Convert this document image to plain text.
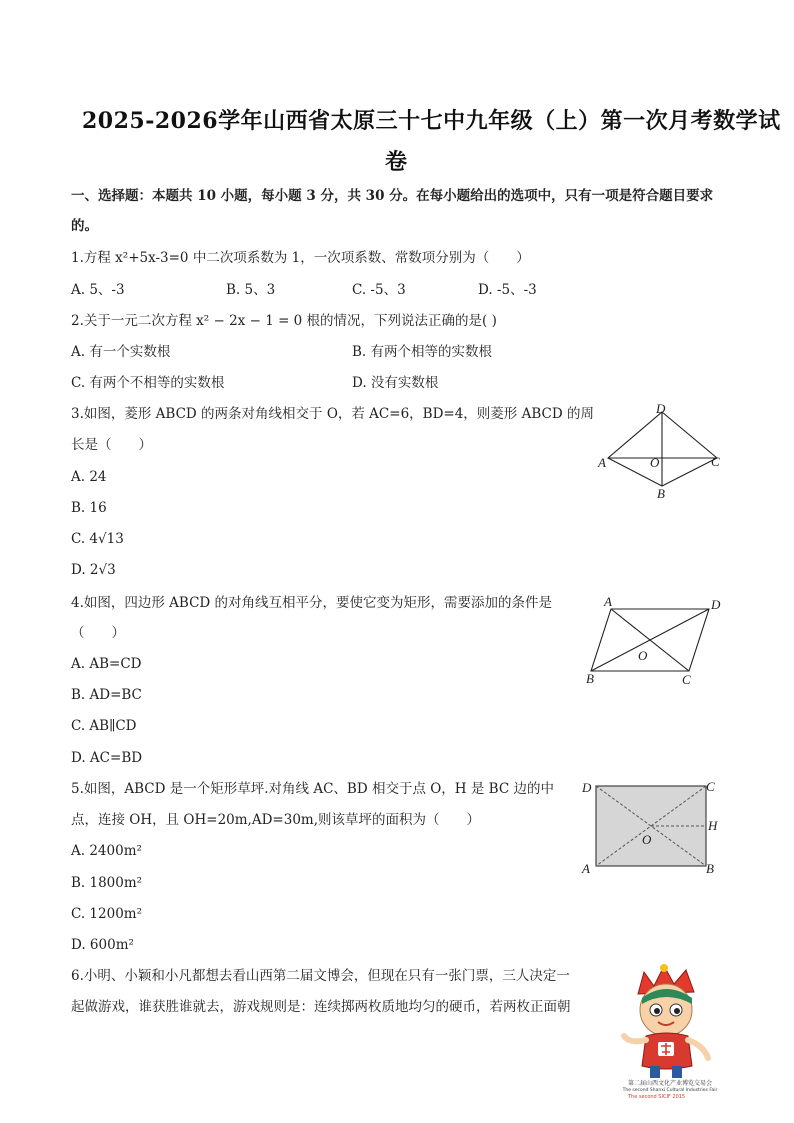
2025-2026学年山西省太原三十七中九年级（上）第一次月考数学试
卷
一、选择题：本题共 10 小题，每小题 3 分，共 30 分。在每小题给出的选项中，只有一项是符合题目要求
的。
1.方程 x²+5x-3=0 中二次项系数为 1，一次项系数、常数项分别为（　　）
A. 5、-3	B. 5、3	C. -5、3	D. -5、-3
2.关于一元二次方程 x² − 2x − 1 = 0 根的情况，下列说法正确的是( )
A. 有一个实数根	B. 有两个相等的实数根
C. 有两个不相等的实数根	D. 没有实数根
3.如图，菱形 ABCD 的两条对角线相交于 O，若 AC=6，BD=4，则菱形 ABCD 的周
长是（　　）
A. 24
B. 16
C. 4√13
D. 2√3
D
A	O	C
B
4.如图，四边形 ABCD 的对角线互相平分，要使它变为矩形，需要添加的条件是
（　　）
A. AB=CD
B. AD=BC
C. AB∥CD
D. AC=BD
A	D
O
B	C
5.如图，ABCD 是一个矩形草坪.对角线 AC、BD 相交于点 O，H 是 BC 边的中
点，连接 OH，且 OH=20m,AD=30m,则该草坪的面积为（　　）
A. 2400m²
B. 1800m²
C. 1200m²
D. 600m²
D	C
H
O
A	B
6.小明、小颖和小凡都想去看山西第二届文博会，但现在只有一张门票，三人决定一
起做游戏，谁获胜谁就去，游戏规则是：连续掷两枚质地均匀的硬币，若两枚正面朝
第二届山西文化产业博览交易会
The second Shanxi Cultural Industries Fair
The second SICIF 2015
